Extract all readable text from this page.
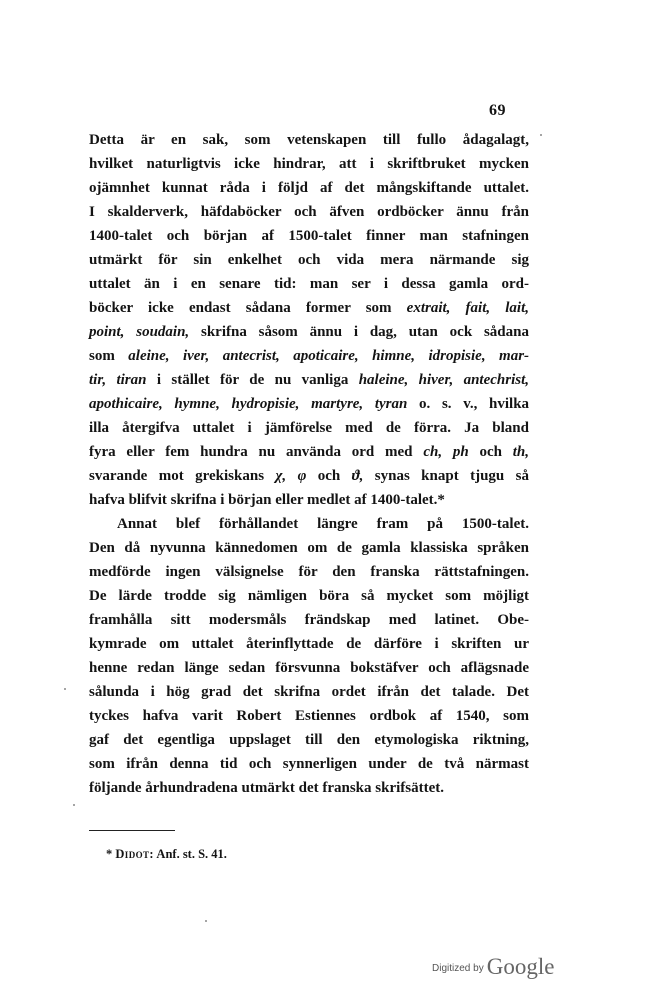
69
Detta är en sak, som vetenskapen till fullo ådagalagt,
hvilket naturligtvis icke hindrar, att i skriftbruket mycken
ojämnhet kunnat råda i följd af det mångskiftande uttalet.
I skalderverk, häfdaböcker och äfven ordböcker ännu från
1400-talet och början af 1500-talet finner man stafningen
utmärkt för sin enkelhet och vida mera närmande sig
uttalet än i en senare tid: man ser i dessa gamla ord-
böcker icke endast sådana former som extrait, fait, lait,
point, soudain, skrifna såsom ännu i dag, utan ock sådana
som aleine, iver, antecrist, apoticaire, himne, idropisie, mar-
tir, tiran i stället för de nu vanliga haleine, hiver, antechrist,
apothicaire, hymne, hydropisie, martyre, tyran o. s. v., hvilka
illa återgifva uttalet i jämförelse med de förra. Ja bland
fyra eller fem hundra nu använda ord med ch, ph och th,
svarande mot grekiskans χ, φ och ϑ, synas knapt tjugu så
hafva blifvit skrifna i början eller medlet af 1400-talet.*
Annat blef förhållandet längre fram på 1500-talet.
Den då nyvunna kännedomen om de gamla klassiska språken
medförde ingen välsignelse för den franska rättstafningen.
De lärde trodde sig nämligen böra så mycket som möjligt
framhålla sitt modersmåls frändskap med latinet. Obe-
kymrade om uttalet återinflyttade de därföre i skriften ur
henne redan länge sedan försvunna bokstäfver och aflägsnade
sålunda i hög grad det skrifna ordet ifrån det talade. Det
tyckes hafva varit Robert Estiennes ordbok af 1540, som
gaf det egentliga uppslaget till den etymologiska riktning,
som ifrån denna tid och synnerligen under de två närmast
följande århundradena utmärkt det franska skrifsättet.
* Didot: Anf. st. S. 41.
Digitized by Google
